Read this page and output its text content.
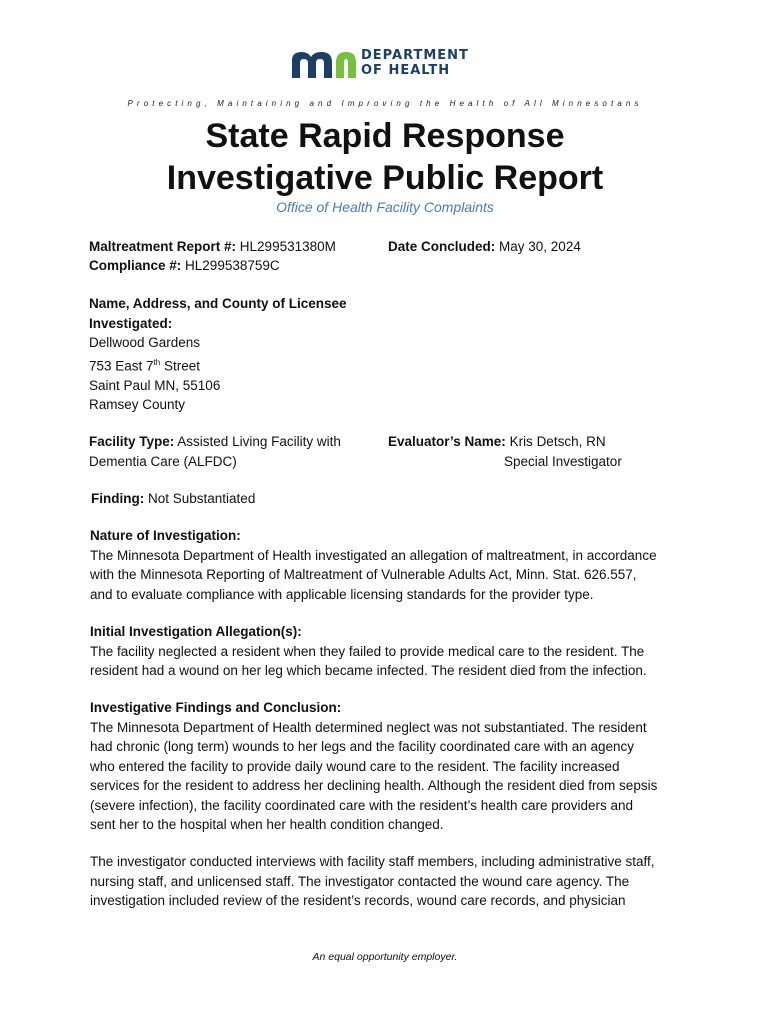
DEPARTMENT
OF HEALTH
Protecting, Maintaining and Improving the Health of All Minnesotans
State Rapid Response
Investigative Public Report
Office of Health Facility Complaints
Maltreatment Report #: HL299531380M
Compliance #: HL299538759C
Date Concluded: May 30, 2024
Name, Address, and County of Licensee
Investigated:
Dellwood Gardens
753 East 7th Street
Saint Paul MN, 55106
Ramsey County
Facility Type: Assisted Living Facility with
Dementia Care (ALFDC)
Evaluator’s Name: Kris Detsch, RN
Special Investigator
Finding: Not Substantiated
Nature of Investigation:
The Minnesota Department of Health investigated an allegation of maltreatment, in accordance
with the Minnesota Reporting of Maltreatment of Vulnerable Adults Act, Minn. Stat. 626.557,
and to evaluate compliance with applicable licensing standards for the provider type.
Initial Investigation Allegation(s):
The facility neglected a resident when they failed to provide medical care to the resident. The
resident had a wound on her leg which became infected. The resident died from the infection.
Investigative Findings and Conclusion:
The Minnesota Department of Health determined neglect was not substantiated. The resident
had chronic (long term) wounds to her legs and the facility coordinated care with an agency
who entered the facility to provide daily wound care to the resident. The facility increased
services for the resident to address her declining health. Although the resident died from sepsis
(severe infection), the facility coordinated care with the resident’s health care providers and
sent her to the hospital when her health condition changed.
The investigator conducted interviews with facility staff members, including administrative staff,
nursing staff, and unlicensed staff. The investigator contacted the wound care agency. The
investigation included review of the resident’s records, wound care records, and physician
An equal opportunity employer.
